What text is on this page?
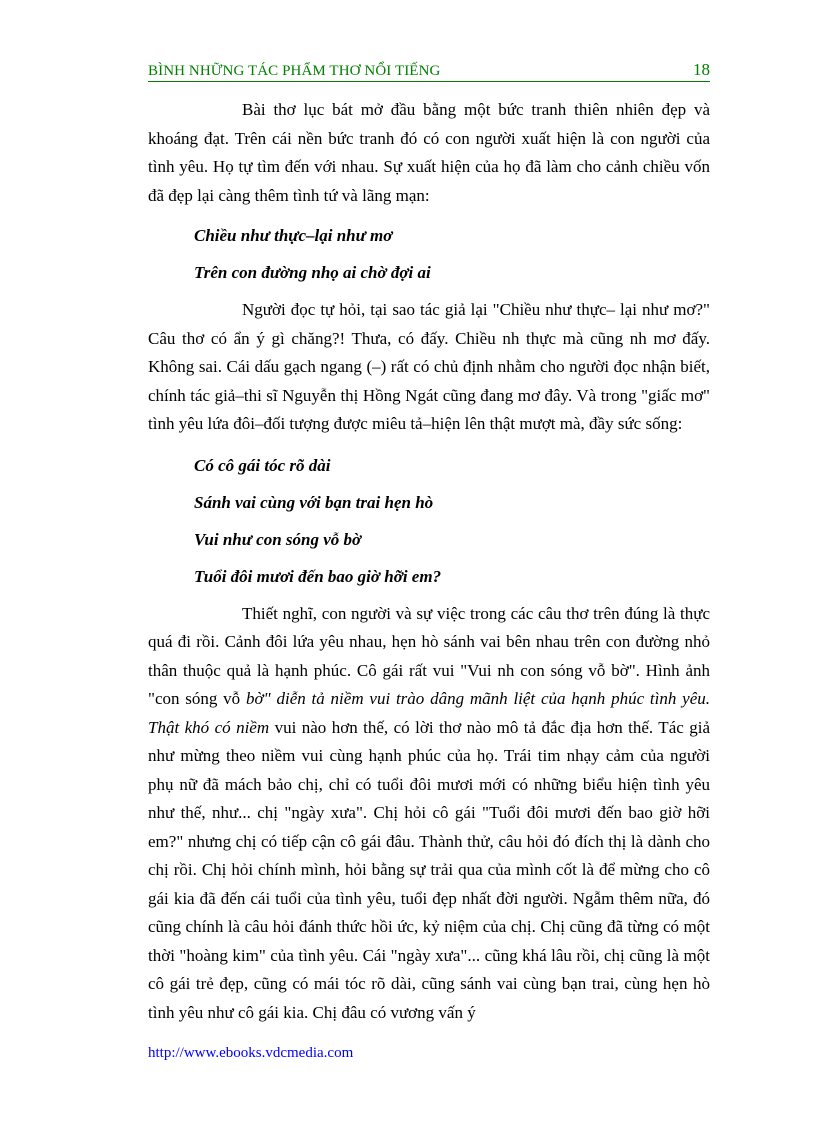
BÌNH NHỮNG TÁC PHẨM THƠ NỔI TIẾNG	18

Bài thơ lục bát mở đầu bằng một bức tranh thiên nhiên đẹp và khoáng đạt. Trên cái nền bức tranh đó có con người xuất hiện là con người của tình yêu. Họ tự tìm đến với nhau. Sự xuất hiện của họ đã làm cho cảnh chiều vốn đã đẹp lại càng thêm tình tứ và lãng mạn:

Chiều như thực–lại như mơ
Trên con đường nhọ ai chờ đợi ai

Người đọc tự hỏi, tại sao tác giả lại "Chiều như thực– lại như mơ?" Câu thơ có ẩn ý gì chăng?! Thưa, có đấy. Chiều nh thực mà cũng nh mơ đấy. Không sai. Cái dấu gạch ngang (–) rất có chủ định nhằm cho người đọc nhận biết, chính tác giả–thi sĩ Nguyễn thị Hồng Ngát cũng đang mơ đây. Và trong "giấc mơ" tình yêu lứa đôi–đối tượng được miêu tả–hiện lên thật mượt mà, đầy sức sống:

Có cô gái tóc rõ dài
Sánh vai cùng với bạn trai hẹn hò
Vui như con sóng vỗ bờ
Tuổi đôi mươi đến bao giờ hỡi em?

Thiết nghĩ, con người và sự việc trong các câu thơ trên đúng là thực quá đi rồi. Cảnh đôi lứa yêu nhau, hẹn hò sánh vai bên nhau trên con đường nhỏ thân thuộc quả là hạnh phúc. Cô gái rất vui "Vui nh con sóng vỗ bờ". Hình ảnh "con sóng vỗ bờ" diễn tả niềm vui trào dâng mãnh liệt của hạnh phúc tình yêu. Thật khó có niềm vui nào hơn thế, có lời thơ nào mô tả đắc địa hơn thế. Tác giả như mừng theo niềm vui cùng hạnh phúc của họ. Trái tim nhạy cảm của người phụ nữ đã mách bảo chị, chỉ có tuổi đôi mươi mới có những biểu hiện tình yêu như thế, như... chị "ngày xưa". Chị hỏi cô gái "Tuổi đôi mươi đến bao giờ hỡi em?" nhưng chị có tiếp cận cô gái đâu. Thành thử, câu hỏi đó đích thị là dành cho chị rồi. Chị hỏi chính mình, hỏi bằng sự trải qua của mình cốt là để mừng cho cô gái kia đã đến cái tuổi của tình yêu, tuổi đẹp nhất đời người. Ngẫm thêm nữa, đó cũng chính là câu hỏi đánh thức hồi ức, kỷ niệm của chị. Chị cũng đã từng có một thời "hoàng kim" của tình yêu. Cái "ngày xưa"... cũng khá lâu rồi, chị cũng là một cô gái trẻ đẹp, cũng có mái tóc rõ dài, cũng sánh vai cùng bạn trai, cùng hẹn hò tình yêu như cô gái kia. Chị đâu có vương vấn ý

http://www.ebooks.vdcmedia.com
